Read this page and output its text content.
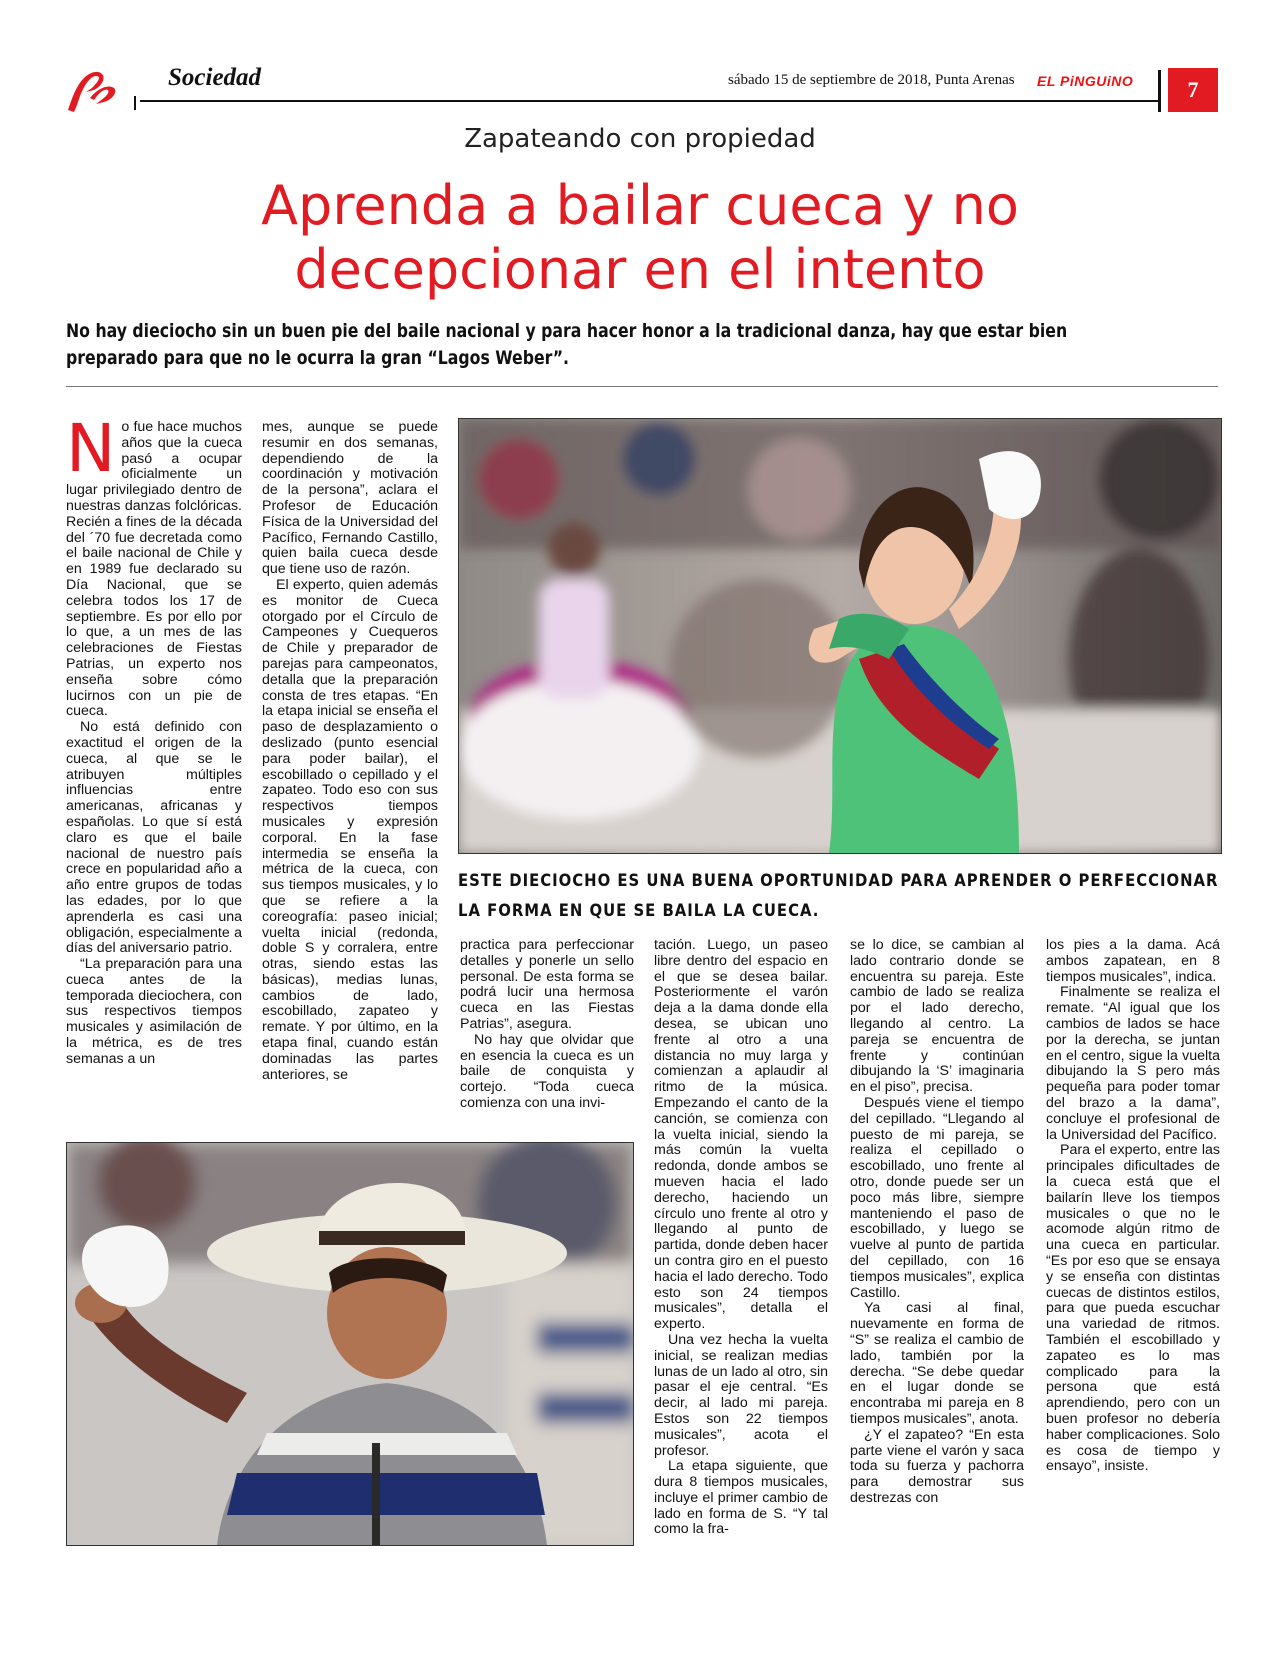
Sociedad	sábado 15 de septiembre de 2018, Punta Arenas EL PiNGUiNO	7
Zapateando con propiedad
Aprenda a bailar cueca y no decepcionar en el intento
No hay dieciocho sin un buen pie del baile nacional y para hacer honor a la tradicional danza, hay que estar bien preparado para que no le ocurra la gran “Lagos Weber”.
ESTE DIECIOCHO ES UNA BUENA OPORTUNIDAD PARA APRENDER O PERFECCIONAR LA FORMA EN QUE SE BAILA LA CUECA.

No fue hace muchos años que la cueca pasó a ocupar oficialmente un lugar privilegiado dentro de nuestras danzas folclóricas. Recién a fines de la década del ´70 fue decretada como el baile nacional de Chile y en 1989 fue declarado su Día Nacional, que se celebra todos los 17 de septiembre. Es por ello por lo que, a un mes de las celebraciones de Fiestas Patrias, un experto nos enseña sobre cómo lucirnos con un pie de cueca.

No está definido con exactitud el origen de la cueca, al que se le atribuyen múltiples influencias entre americanas, africanas y españolas. Lo que sí está claro es que el baile nacional de nuestro país crece en popularidad año a año entre grupos de todas las edades, por lo que aprenderla es casi una obligación, especialmente a días del aniversario patrio.

“La preparación para una cueca antes de la temporada dieciochera, con sus respectivos tiempos musicales y asimilación de la métrica, es de tres semanas a un

mes, aunque se puede resumir en dos semanas, dependiendo de la coordinación y motivación de la persona”, aclara el Profesor de Educación Física de la Universidad del Pacífico, Fernando Castillo, quien baila cueca desde que tiene uso de razón.

El experto, quien además es monitor de Cueca otorgado por el Círculo de Campeones y Cuequeros de Chile y preparador de parejas para campeonatos, detalla que la preparación consta de tres etapas. “En la etapa inicial se enseña el paso de desplazamiento o deslizado (punto esencial para poder bailar), el escobillado o cepillado y el zapateo. Todo eso con sus respectivos tiempos musicales y expresión corporal. En la fase intermedia se enseña la métrica de la cueca, con sus tiempos musicales, y lo que se refiere a la coreografía: paseo inicial; vuelta inicial (redonda, doble S y corralera, entre otras, siendo estas las básicas), medias lunas, cambios de lado, escobillado, zapateo y remate. Y por último, en la etapa final, cuando están dominadas las partes anteriores, se

practica para perfeccionar detalles y ponerle un sello personal. De esta forma se podrá lucir una hermosa cueca en las Fiestas Patrias”, asegura.

No hay que olvidar que en esencia la cueca es un baile de conquista y cortejo. “Toda cueca comienza con una invi-

tación. Luego, un paseo libre dentro del espacio en el que se desea bailar. Posteriormente el varón deja a la dama donde ella desea, se ubican uno frente al otro a una distancia no muy larga y comienzan a aplaudir al ritmo de la música. Empezando el canto de la canción, se comienza con la vuelta inicial, siendo la más común la vuelta redonda, donde ambos se mueven hacia el lado derecho, haciendo un círculo uno frente al otro y llegando al punto de partida, donde deben hacer un contra giro en el puesto hacia el lado derecho. Todo esto son 24 tiempos musicales”, detalla el experto.

Una vez hecha la vuelta inicial, se realizan medias lunas de un lado al otro, sin pasar el eje central. “Es decir, al lado mi pareja. Estos son 22 tiempos musicales”, acota el profesor.

La etapa siguiente, que dura 8 tiempos musicales, incluye el primer cambio de lado en forma de S. “Y tal como la fra-

se lo dice, se cambian al lado contrario donde se encuentra su pareja. Este cambio de lado se realiza por el lado derecho, llegando al centro. La pareja se encuentra de frente y continúan dibujando la ‘S’ imaginaria en el piso”, precisa.

Después viene el tiempo del cepillado. “Llegando al puesto de mi pareja, se realiza el cepillado o escobillado, uno frente al otro, donde puede ser un poco más libre, siempre manteniendo el paso de escobillado, y luego se vuelve al punto de partida del cepillado, con 16 tiempos musicales”, explica Castillo.

Ya casi al final, nuevamente en forma de “S” se realiza el cambio de lado, también por la derecha. “Se debe quedar en el lugar donde se encontraba mi pareja en 8 tiempos musicales”, anota.

¿Y el zapateo? “En esta parte viene el varón y saca toda su fuerza y pachorra para demostrar sus destrezas con

los pies a la dama. Acá ambos zapatean, en 8 tiempos musicales”, indica.

Finalmente se realiza el remate. “Al igual que los cambios de lados se hace por la derecha, se juntan en el centro, sigue la vuelta dibujando la S pero más pequeña para poder tomar del brazo a la dama”, concluye el profesional de la Universidad del Pacífico.

Para el experto, entre las principales dificultades de la cueca está que el bailarín lleve los tiempos musicales o que no le acomode algún ritmo de una cueca en particular. “Es por eso que se ensaya y se enseña con distintas cuecas de distintos estilos, para que pueda escuchar una variedad de ritmos. También el escobillado y zapateo es lo mas complicado para la persona que está aprendiendo, pero con un buen profesor no debería haber complicaciones. Solo es cosa de tiempo y ensayo”, insiste.
